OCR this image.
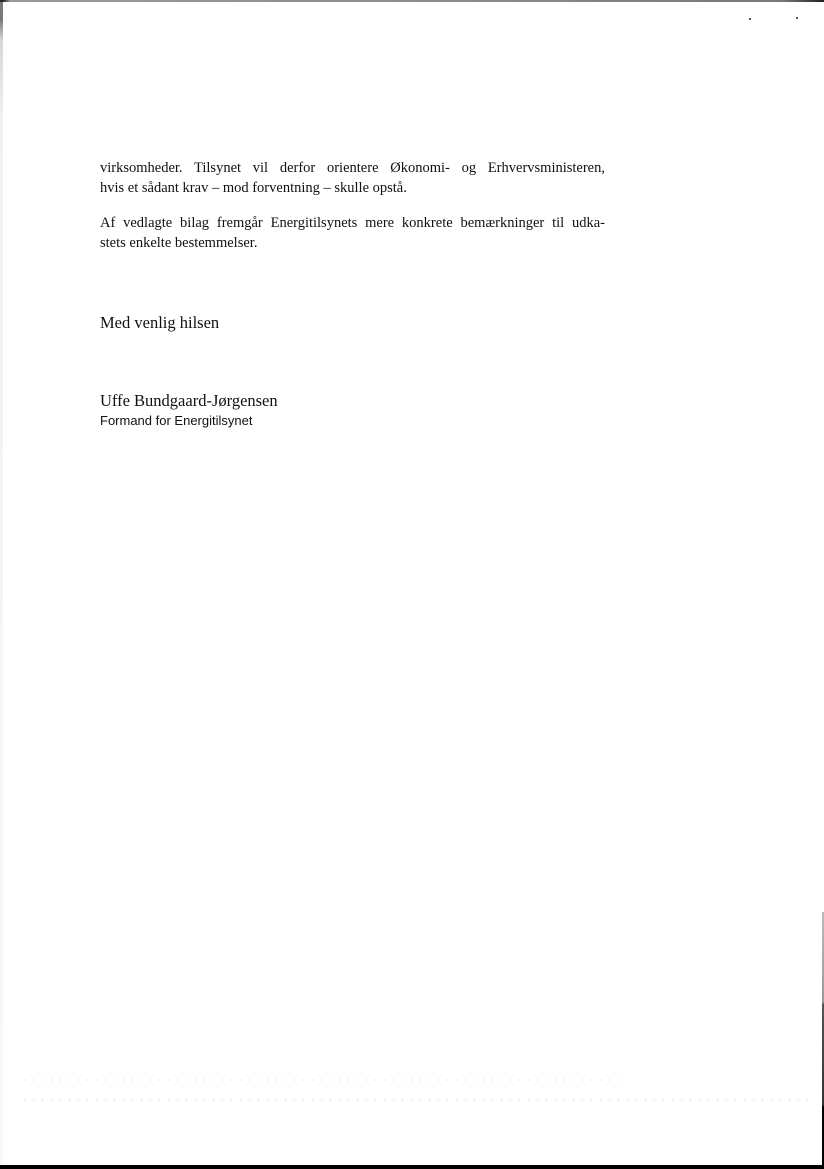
virksomheder. Tilsynet vil derfor orientere Økonomi- og Erhvervsministeren,
hvis et sådant krav – mod forventning – skulle opstå.

Af vedlagte bilag fremgår Energitilsynets mere konkrete bemærkninger til udka-
stets enkelte bestemmelser.

Med venlig hilsen
Uffe Bundgaard-Jørgensen
Formand for Energitilsynet
